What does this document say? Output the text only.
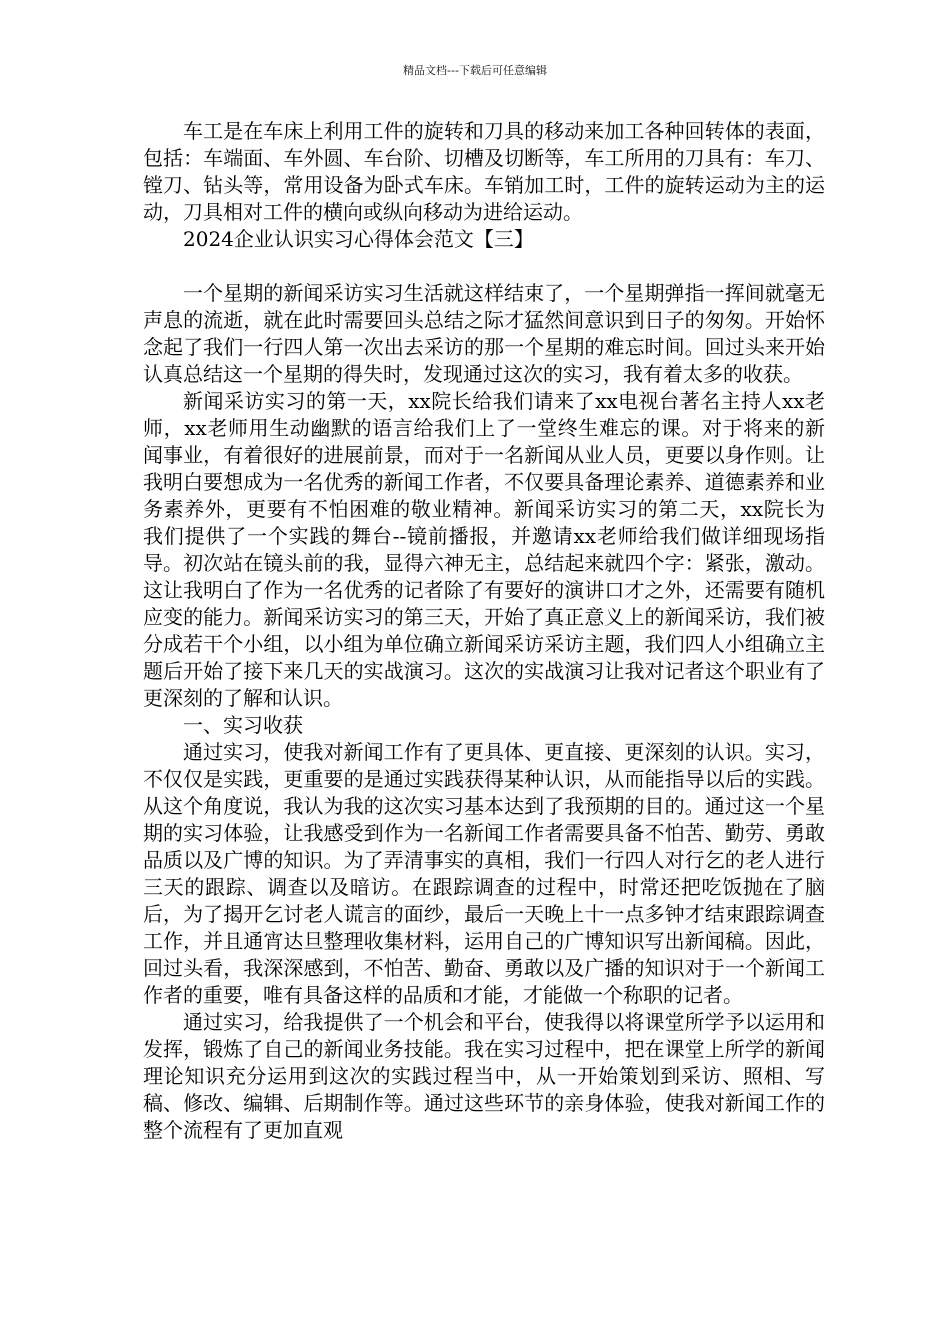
精品文档---下载后可任意编辑

车工是在车床上利用工件的旋转和刀具的移动来加工各种回转体的表面，包括：车端面、车外圆、车台阶、切槽及切断等，车工所用的刀具有：车刀、镗刀、钻头等，常用设备为卧式车床。车销加工时，工件的旋转运动为主的运动，刀具相对工件的横向或纵向移动为进给运动。

2024企业认识实习心得体会范文【三】

一个星期的新闻采访实习生活就这样结束了，一个星期弹指一挥间就毫无声息的流逝，就在此时需要回头总结之际才猛然间意识到日子的匆匆。开始怀念起了我们一行四人第一次出去采访的那一个星期的难忘时间。回过头来开始认真总结这一个星期的得失时，发现通过这次的实习，我有着太多的收获。

新闻采访实习的第一天，xx院长给我们请来了xx电视台著名主持人xx老师，xx老师用生动幽默的语言给我们上了一堂终生难忘的课。对于将来的新闻事业，有着很好的进展前景，而对于一名新闻从业人员，更要以身作则。让我明白要想成为一名优秀的新闻工作者，不仅要具备理论素养、道德素养和业务素养外，更要有不怕困难的敬业精神。新闻采访实习的第二天，xx院长为我们提供了一个实践的舞台--镜前播报，并邀请xx老师给我们做详细现场指导。初次站在镜头前的我，显得六神无主，总结起来就四个字：紧张，激动。这让我明白了作为一名优秀的记者除了有要好的演讲口才之外，还需要有随机应变的能力。新闻采访实习的第三天，开始了真正意义上的新闻采访，我们被分成若干个小组，以小组为单位确立新闻采访采访主题，我们四人小组确立主题后开始了接下来几天的实战演习。这次的实战演习让我对记者这个职业有了更深刻的了解和认识。

一、实习收获

通过实习，使我对新闻工作有了更具体、更直接、更深刻的认识。实习，不仅仅是实践，更重要的是通过实践获得某种认识，从而能指导以后的实践。从这个角度说，我认为我的这次实习基本达到了我预期的目的。通过这一个星期的实习体验，让我感受到作为一名新闻工作者需要具备不怕苦、勤劳、勇敢品质以及广博的知识。为了弄清事实的真相，我们一行四人对行乞的老人进行三天的跟踪、调查以及暗访。在跟踪调查的过程中，时常还把吃饭抛在了脑后，为了揭开乞讨老人谎言的面纱，最后一天晚上十一点多钟才结束跟踪调查工作，并且通宵达旦整理收集材料，运用自己的广博知识写出新闻稿。因此，回过头看，我深深感到，不怕苦、勤奋、勇敢以及广播的知识对于一个新闻工作者的重要，唯有具备这样的品质和才能，才能做一个称职的记者。

通过实习，给我提供了一个机会和平台，使我得以将课堂所学予以运用和发挥，锻炼了自己的新闻业务技能。我在实习过程中，把在课堂上所学的新闻理论知识充分运用到这次的实践过程当中，从一开始策划到采访、照相、写稿、修改、编辑、后期制作等。通过这些环节的亲身体验，使我对新闻工作的整个流程有了更加直观
